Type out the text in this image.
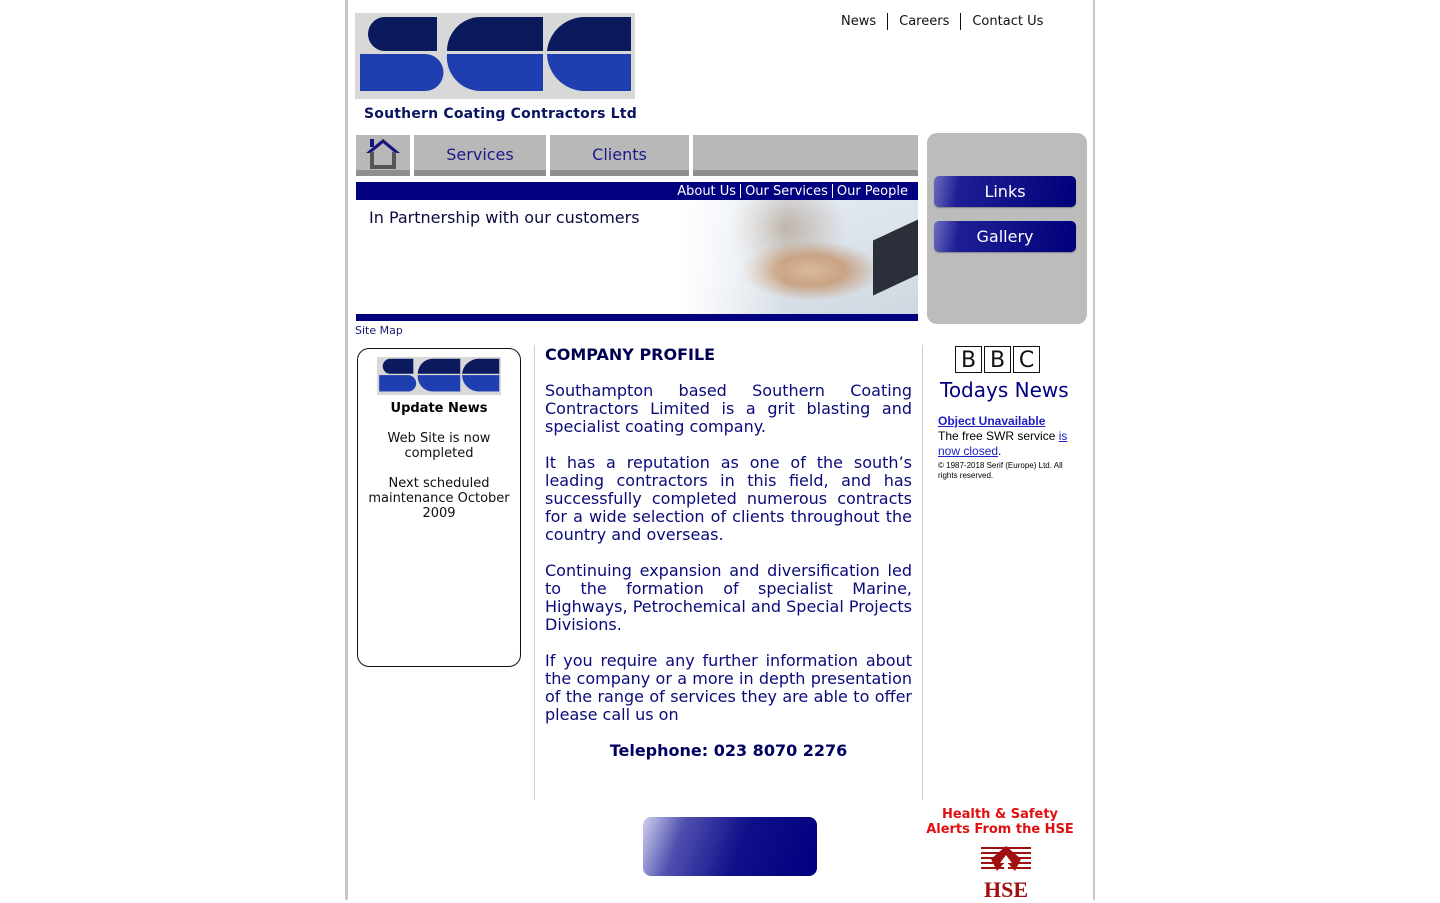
Southern Coating Contractors Ltd
News	Careers	Contact Us
Services	Clients
About Us Our Services Our People
In Partnership with our customers
Site Map
Links
Gallery
Update News
Web Site is now completed
Next scheduled maintenance October 2009
COMPANY PROFILE

Southampton based Southern Coating Contractors Limited is a grit blasting and specialist coating company.

It has a reputation as one of the south’s leading contractors in this field, and has successfully completed numerous contracts for a wide selection of clients throughout the country and overseas.

Continuing expansion and diversification led to the formation of specialist Marine, Highways, Petrochemical and Special Projects Divisions.

If you require any further information about the company or a more in depth presentation of the range of services they are able to offer please call us on

Telephone: 023 8070 2276

B B C
Todays News
Object Unavailable
The free SWR service is now closed.
© 1987-2018 Serif (Europe) Ltd. All rights reserved.
Health & Safety
Alerts From the HSE
HSE
